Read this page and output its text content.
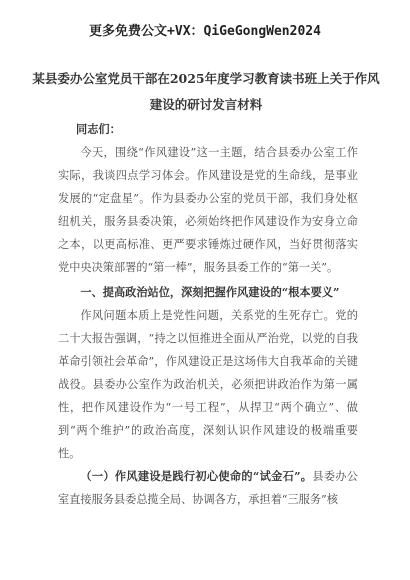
更多免费公文+VX：QiGeGongWen2024
某县委办公室党员干部在2025年度学习教育读书班上关于作风建设的研讨发言材料

同志们：

今天，围绕“作风建设”这一主题，结合县委办公室工作实际，我谈四点学习体会。作风建设是党的生命线，是事业发展的“定盘星”。作为县委办公室的党员干部，我们身处枢纽机关，服务县委决策，必须始终把作风建设作为安身立命之本，以更高标准、更严要求锤炼过硬作风，当好贯彻落实党中央决策部署的“第一棒”，服务县委工作的“第一关”。

一、提高政治站位，深刻把握作风建设的“根本要义”

作风问题本质上是党性问题，关系党的生死存亡。党的二十大报告强调，“持之以恒推进全面从严治党，以党的自我革命引领社会革命”，作风建设正是这场伟大自我革命的关键战役。县委办公室作为政治机关，必须把讲政治作为第一属性，把作风建设作为“一号工程”，从捍卫“两个确立”、做到“两个维护”的政治高度，深刻认识作风建设的极端重要性。

（一）作风建设是践行初心使命的“试金石”。县委办公室直接服务县委总揽全局、协调各方，承担着“三服务”核
